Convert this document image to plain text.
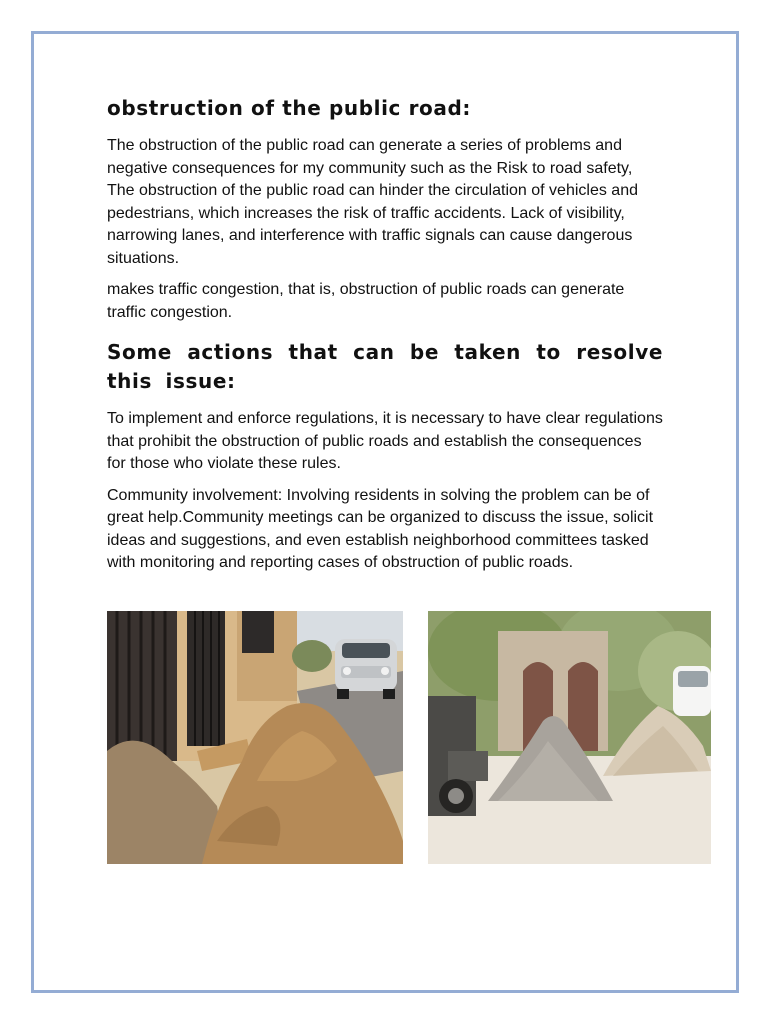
obstruction of the public road:

The obstruction of the public road can generate a series of problems and negative consequences for my community such as the Risk to road safety, The obstruction of the public road can hinder the circulation of vehicles and pedestrians, which increases the risk of traffic accidents. Lack of visibility, narrowing lanes, and interference with traffic signals can cause dangerous situations.

makes traffic congestion, that is, obstruction of public roads can generate traffic congestion.

Some actions that can be taken to resolve this issue:

To implement and enforce regulations, it is necessary to have clear regulations that prohibit the obstruction of public roads and establish the consequences for those who violate these rules.

Community involvement: Involving residents in solving the problem can be of great help.Community meetings can be organized to discuss the issue, solicit ideas and suggestions, and even establish neighborhood committees tasked with monitoring and reporting cases of obstruction of public roads.
